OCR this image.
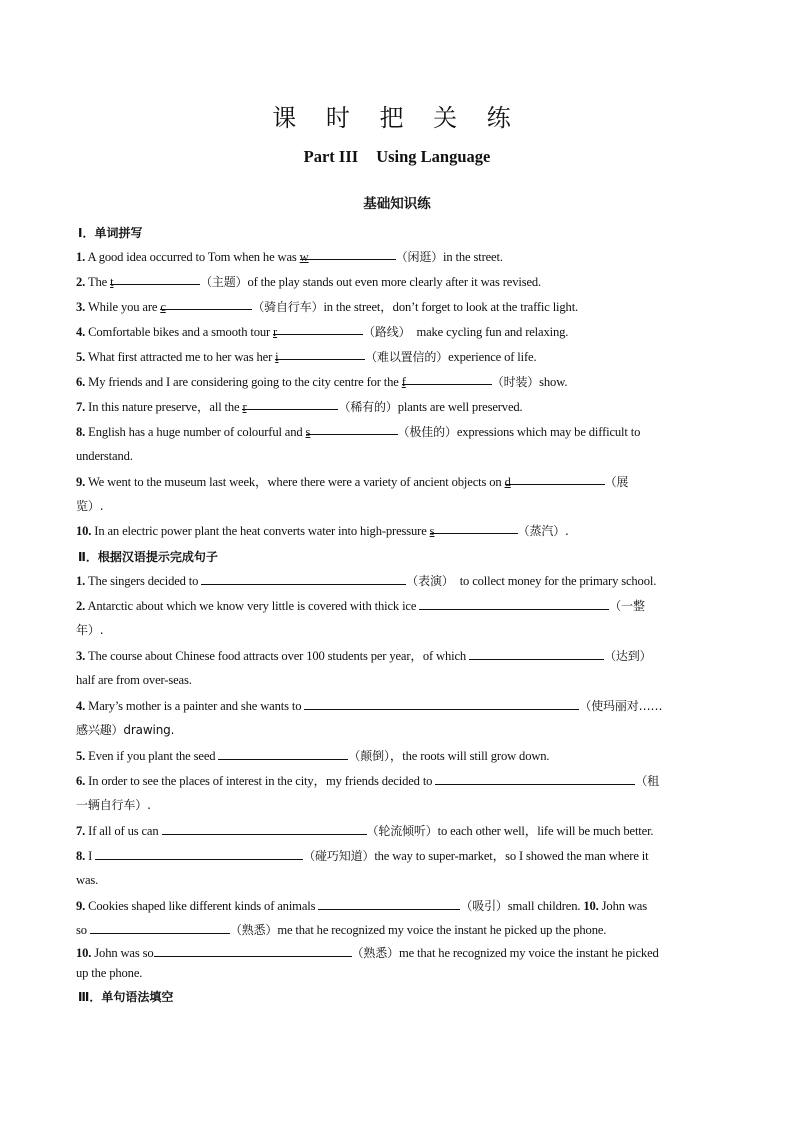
课 时 把 关 练
Part III Using Language
基础知识练
Ⅰ．单词拼写
1. A good idea occurred to Tom when he was w	（闲逛）in the street.
2. The t	（主题）of the play stands out even more clearly after it was revised.
3. While you are c	（骑自行车）in the street，don’t forget to look at the traffic light.
4. Comfortable bikes and a smooth tour r	（路线） make cycling fun and relaxing.
5. What first attracted me to her was her i	（难以置信的）experience of life.
6. My friends and I are considering going to the city centre for the f	（时装）show.
7. In this nature preserve，all the r	（稀有的）plants are well preserved.
8. English has a huge number of colourful and s	（极佳的）expressions which may be difficult to
understand.
9. We went to the museum last week，where there were a variety of ancient objects on d	（展
览）.
10. In an electric power plant the heat converts water into high-pressure s	（蒸汽）.
Ⅱ．根据汉语提示完成句子
1. The singers decided to	（表演） to collect money for the primary school.
2. Antarctic about which we know very little is covered with thick ice	（一整
年）.
3. The course about Chinese food attracts over 100 students per year，of which	（达到）
half are from over-seas.
4. Mary’s mother is a painter and she wants to	（使玛丽对……
感兴趣）drawing.
5. Even if you plant the seed	（颠倒），the roots will still grow down.
6. In order to see the places of interest in the city，my friends decided to	（租
一辆自行车）.
7. If all of us can	（轮流倾听）to each other well，life will be much better.
8. I	（碰巧知道）the way to super-market，so I showed the man where it
was.
9. Cookies shaped like different kinds of animals	（吸引）small children. 10. John was
so	（熟悉）me that he recognized my voice the instant he picked up the phone.
10. John was so	（熟悉）me that he recognized my voice the instant he picked
up the phone.
Ⅲ．单句语法填空
